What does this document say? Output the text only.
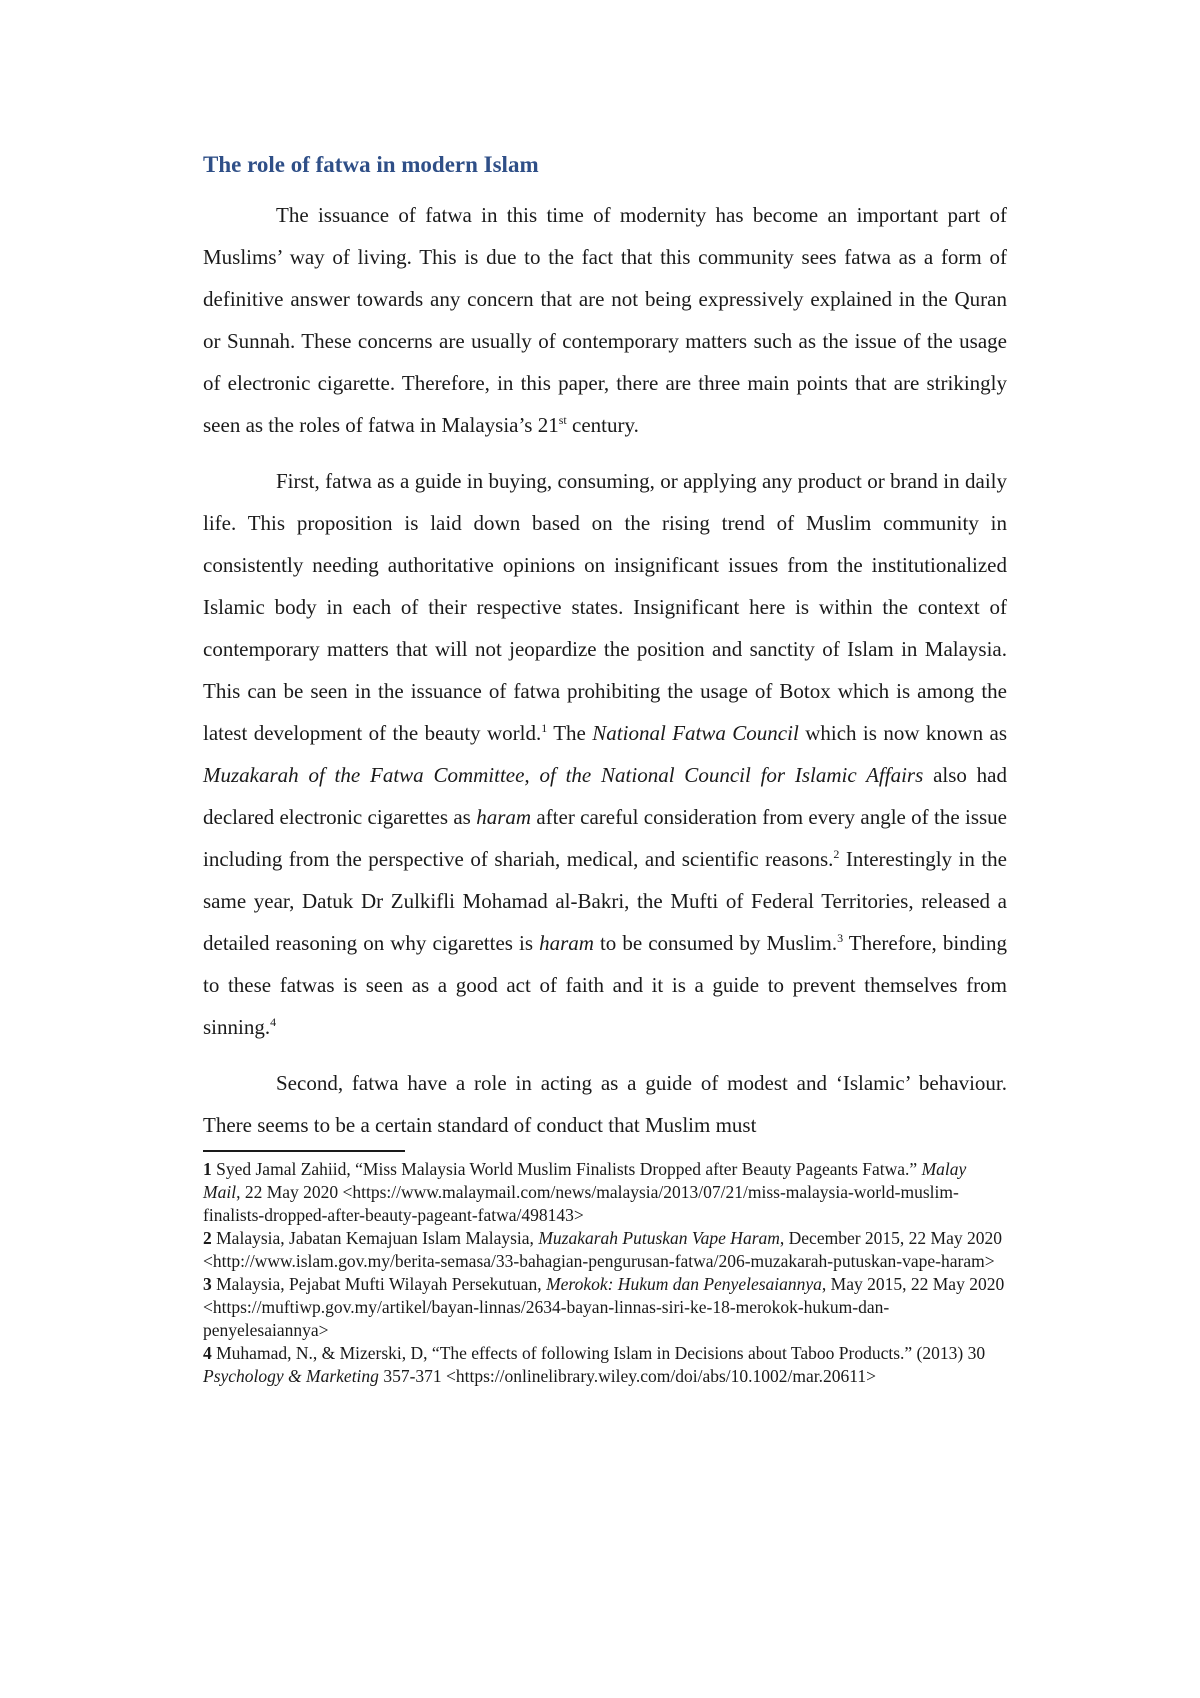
The role of fatwa in modern Islam

The issuance of fatwa in this time of modernity has become an important part of Muslims’ way of living. This is due to the fact that this community sees fatwa as a form of definitive answer towards any concern that are not being expressively explained in the Quran or Sunnah. These concerns are usually of contemporary matters such as the issue of the usage of electronic cigarette. Therefore, in this paper, there are three main points that are strikingly seen as the roles of fatwa in Malaysia’s 21st century.

First, fatwa as a guide in buying, consuming, or applying any product or brand in daily life. This proposition is laid down based on the rising trend of Muslim community in consistently needing authoritative opinions on insignificant issues from the institutionalized Islamic body in each of their respective states. Insignificant here is within the context of contemporary matters that will not jeopardize the position and sanctity of Islam in Malaysia. This can be seen in the issuance of fatwa prohibiting the usage of Botox which is among the latest development of the beauty world.$^1$ The National Fatwa Council which is now known as Muzakarah of the Fatwa Committee, of the National Council for Islamic Affairs also had declared electronic cigarettes as haram after careful consideration from every angle of the issue including from the perspective of shariah, medical, and scientific reasons.$^2$ Interestingly in the same year, Datuk Dr Zulkifli Mohamad al-Bakri, the Mufti of Federal Territories, released a detailed reasoning on why cigarettes is haram to be consumed by Muslim.$^3$ Therefore, binding to these fatwas is seen as a good act of faith and it is a guide to prevent themselves from sinning.$^4$

Second, fatwa have a role in acting as a guide of modest and ‘Islamic’ behaviour. There seems to be a certain standard of conduct that Muslim must

1 Syed Jamal Zahiid, “Miss Malaysia World Muslim Finalists Dropped after Beauty Pageants Fatwa.” Malay Mail, 22 May 2020 <https://www.malaymail.com/news/malaysia/2013/07/21/miss-malaysia-world-muslim-finalists-dropped-after-beauty-pageant-fatwa/498143>

2 Malaysia, Jabatan Kemajuan Islam Malaysia, Muzakarah Putuskan Vape Haram, December 2015, 22 May 2020 <http://www.islam.gov.my/berita-semasa/33-bahagian-pengurusan-fatwa/206-muzakarah-putuskan-vape-haram>

3 Malaysia, Pejabat Mufti Wilayah Persekutuan, Merokok: Hukum dan Penyelesaiannya, May 2015, 22 May 2020 <https://muftiwp.gov.my/artikel/bayan-linnas/2634-bayan-linnas-siri-ke-18-merokok-hukum-dan-penyelesaiannya>

4 Muhamad, N., & Mizerski, D, “The effects of following Islam in Decisions about Taboo Products.” (2013) 30 Psychology & Marketing 357-371 <https://onlinelibrary.wiley.com/doi/abs/10.1002/mar.20611>
